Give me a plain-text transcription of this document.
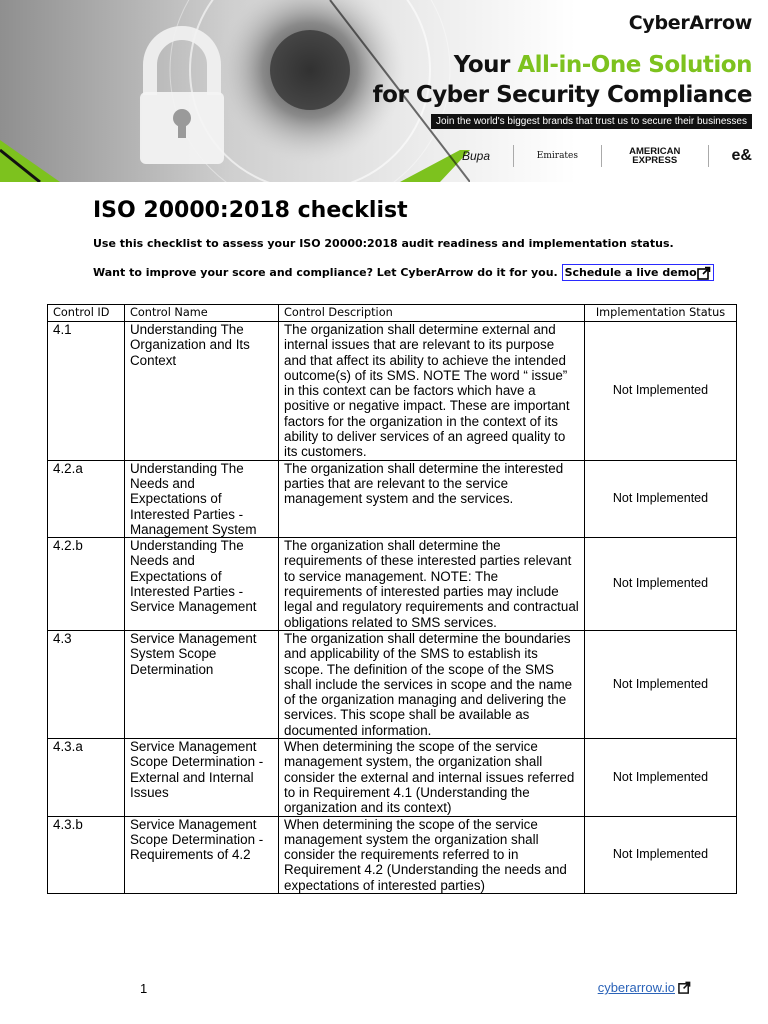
CyberArrow
Your All-in-One Solution
for Cyber Security Compliance
Join the world's biggest brands that trust us to secure their businesses
Bupa	Emirates	AMERICAN EXPRESS	e&
ISO 20000:2018 checklist
Use this checklist to assess your ISO 20000:2018 audit readiness and implementation status.
Want to improve your score and compliance? Let CyberArrow do it for you. Schedule a live demo
Control ID	Control Name	Control Description	Implementation Status
4.1	Understanding The Organization and Its Context	The organization shall determine external and internal issues that are relevant to its purpose and that affect its ability to achieve the intended outcome(s) of its SMS. NOTE The word “ issue” in this context can be factors which have a positive or negative impact. These are important factors for the organization in the context of its ability to deliver services of an agreed quality to its customers.	Not Implemented
4.2.a	Understanding The Needs and Expectations of Interested Parties - Management System	The organization shall determine the interested parties that are relevant to the service management system and the services.	Not Implemented
4.2.b	Understanding The Needs and Expectations of Interested Parties - Service Management	The organization shall determine the requirements of these interested parties relevant to service management. NOTE: The requirements of interested parties may include legal and regulatory requirements and contractual obligations related to SMS services.	Not Implemented
4.3	Service Management System Scope Determination	The organization shall determine the boundaries and applicability of the SMS to establish its scope. The definition of the scope of the SMS shall include the services in scope and the name of the organization managing and delivering the services. This scope shall be available as documented information.	Not Implemented
4.3.a	Service Management Scope Determination - External and Internal Issues	When determining the scope of the service management system, the organization shall consider the external and internal issues referred to in Requirement 4.1 (Understanding the organization and its context)	Not Implemented
4.3.b	Service Management Scope Determination - Requirements of 4.2	When determining the scope of the service management system the organization shall consider the requirements referred to in Requirement 4.2 (Understanding the needs and expectations of interested parties)	Not Implemented
1	cyberarrow.io
